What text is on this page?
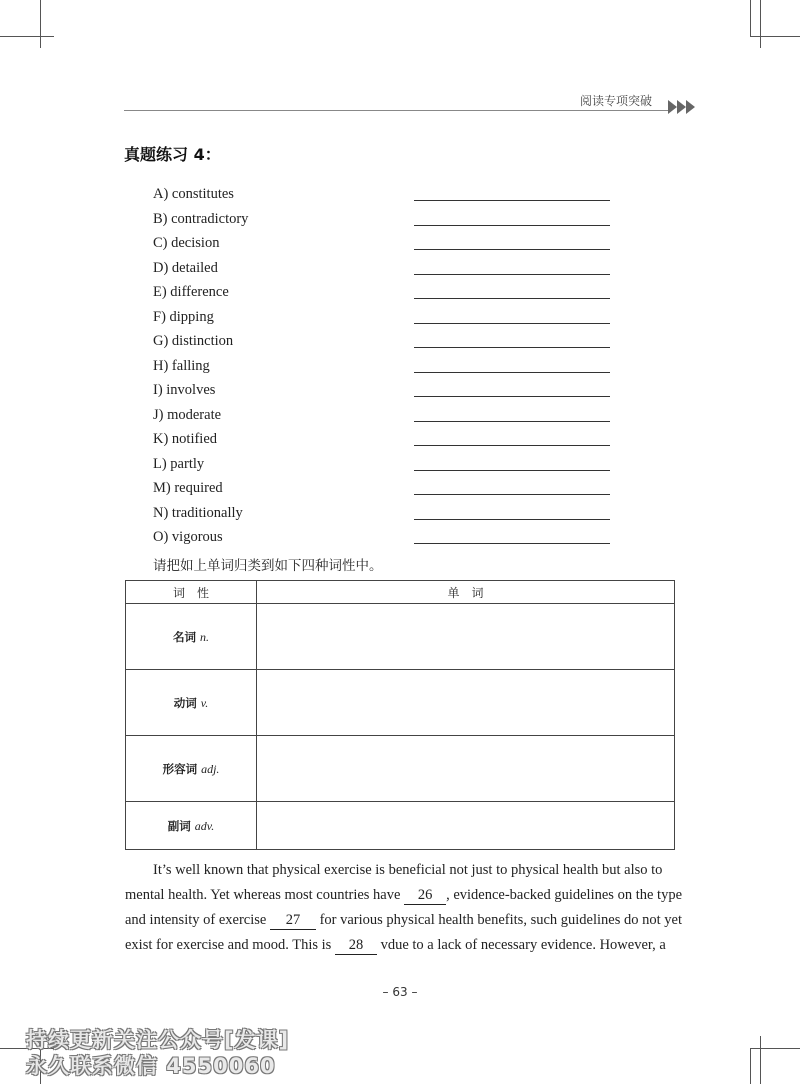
阅读专项突破
真题练习 4：
A) constitutes
B) contradictory
C) decision
D) detailed
E) difference
F) dipping
G) distinction
H) falling
I) involves
J) moderate
K) notified
L) partly
M) required
N) traditionally
O) vigorous
请把如上单词归类到如下四种词性中。
词　性	单　词
名词 n.	
动词 v.	
形容词 adj.	
副词 adv.	
It’s well known that physical exercise is beneficial not just to physical health but also to
mental health. Yet whereas most countries have 26 , evidence-backed guidelines on the type
and intensity of exercise 27 for various physical health benefits, such guidelines do not yet
exist for exercise and mood. This is 28 vdue to a lack of necessary evidence. However, a
– 63 –
持续更新关注公众号[发课]
永久联系微信 4550060
